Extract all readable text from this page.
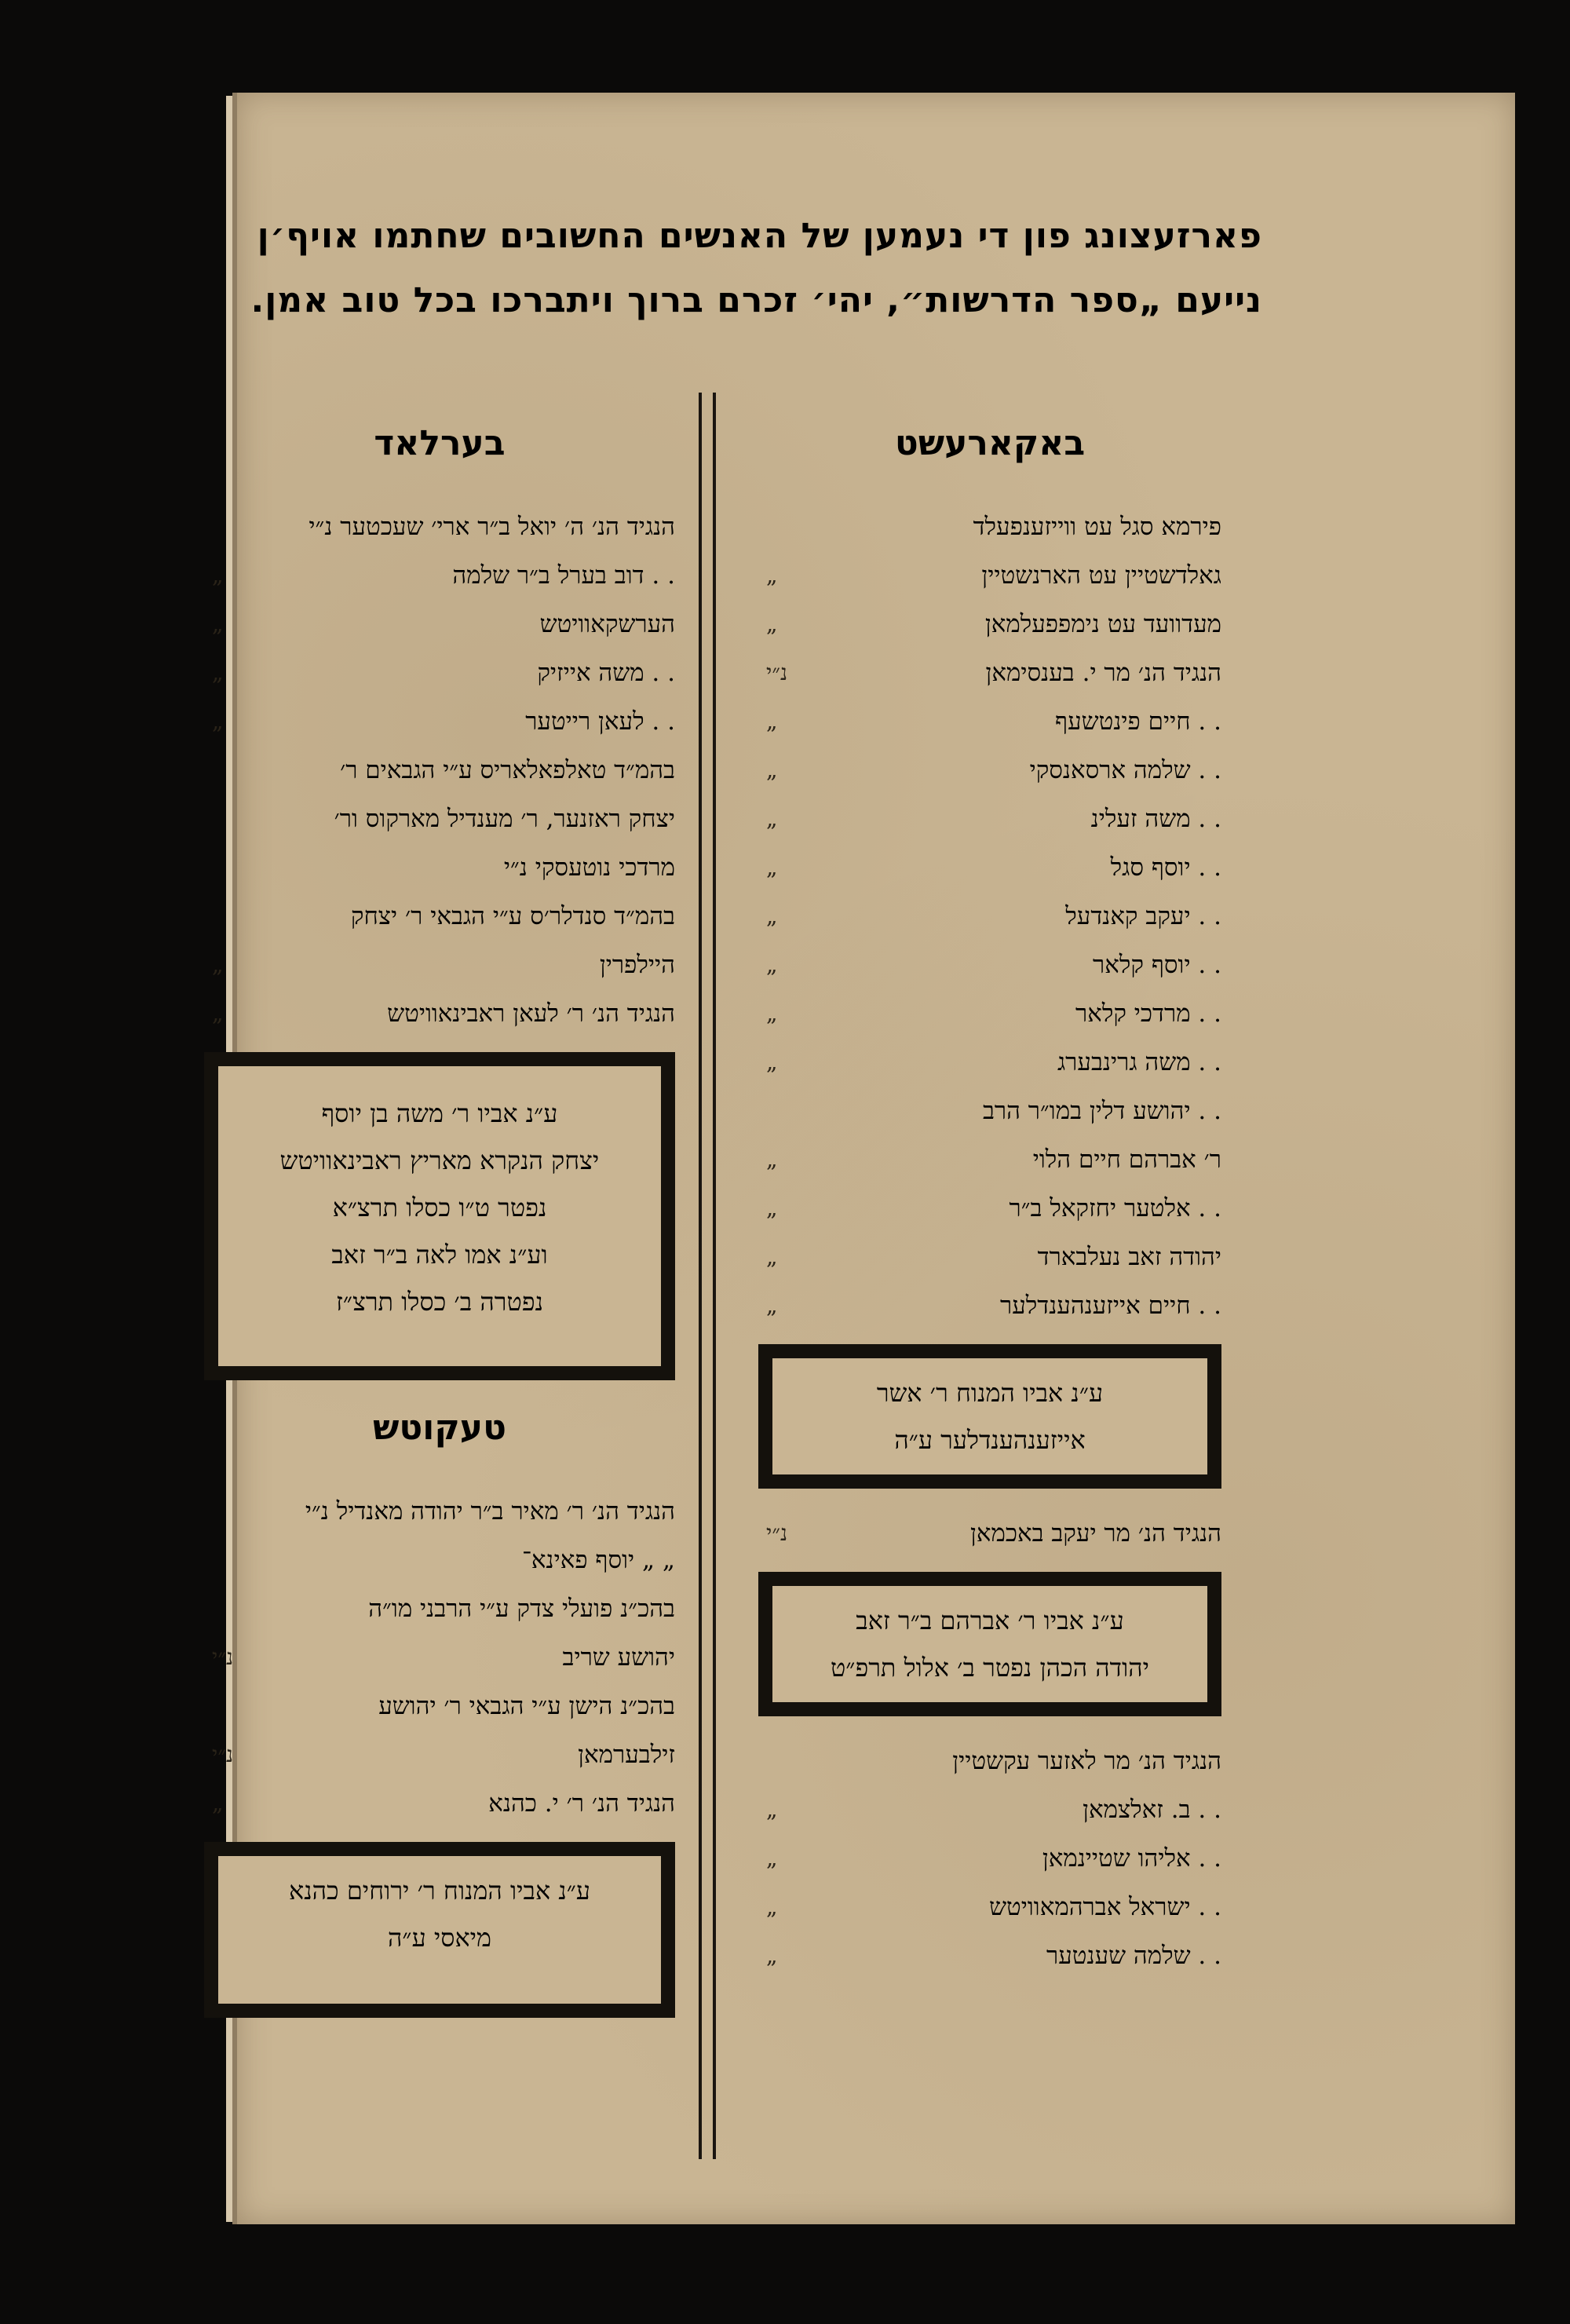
פארזעצונג פון די נעמען של האנשים החשובים שחתמו אויף׳ן
נייעם „ספר הדרשות״, יהי׳ זכרם ברוך ויתברכו בכל טוב אמן.
באקארעשט
פירמא סגל עט ווייזענפעלד
גאלדשטיין עט הארנשטיין
„
מעדוועד עט נימפפעלמאן
„
הנגיד הנ׳ מר י. בענסימאן
נ״י
. . חיים פינטשעף
„
. . שלמה ארסאנסקי
„
. . משה זעלינ
„
. . יוסף סגל
„
. . יעקב קאנדעל
„
. . יוסף קלאר
„
. . מרדכי קלאר
„
. . משה גרינבערג
„
. . יהושע דלין במו״ר הרב
ר׳ אברהם חיים הלוי
„
. . אלטער יחזקאל ב״ר
„
יהודה זאב נעלבארד
„
. . חיים אייזענהענדלער
„
ע״נ אביו המנוח ר׳ אשר
אייזענהענדלער ע״ה
הנגיד הנ׳ מר יעקב באכמאן
נ״י
ע״נ אביו ר׳ אברהם ב״ר זאב
יהודה הכהן נפטר ב׳ אלול תרפ״ט
הנגיד הנ׳ מר לאזער עקשטיין
. . ב. זאלצמאן
„
. . אליהו שטיינמאן
„
. . ישראל אברהמאוויטש
„
. . שלמה שענטער
„
בערלאד
הנגיד הנ׳ ה׳ יואל ב״ר ארי׳ שעכטער נ״י
. . דוב בערל ב״ר שלמה
„
הערשקאוויטש
„
. . משה אייזיק
„
. . לעאן רייטער
„
בהמ״ד טאלפאלאריס ע״י הגבאים ר׳
יצחק ראזנער, ר׳ מענדיל מארקוס ור׳
מרדכי נוטעסקי נ״י
בהמ״ד סנדלר׳ס ע״י הגבאי ר׳ יצחק
היילפרין
„
הנגיד הנ׳ ר׳ לעאן ראבינאוויטש
„
ע״נ אביו ר׳ משה בן יוסף
יצחק הנקרא מאריץ ראבינאוויטש
נפטר ט״ו כסלו תרצ״א
וע״נ אמו לאה ב״ר זאב
נפטרה ב׳ כסלו תרצ״ז
טעקוטש
הנגיד הנ׳ ר׳ מאיר ב״ר יהודה מאנדיל נ״י
„ „ יוסף פאינא־
בהכ״נ פועלי צדק ע״י הרבני מו״ה
יהושע שריב
נ״י
בהכ״נ הישן ע״י הגבאי ר׳ יהושע
זילבערמאן
נ״י
הנגיד הנ׳ ר׳ י. כהנא
„
ע״נ אביו המנוח ר׳ ירוחים כהנא
מיאסי ע״ה
